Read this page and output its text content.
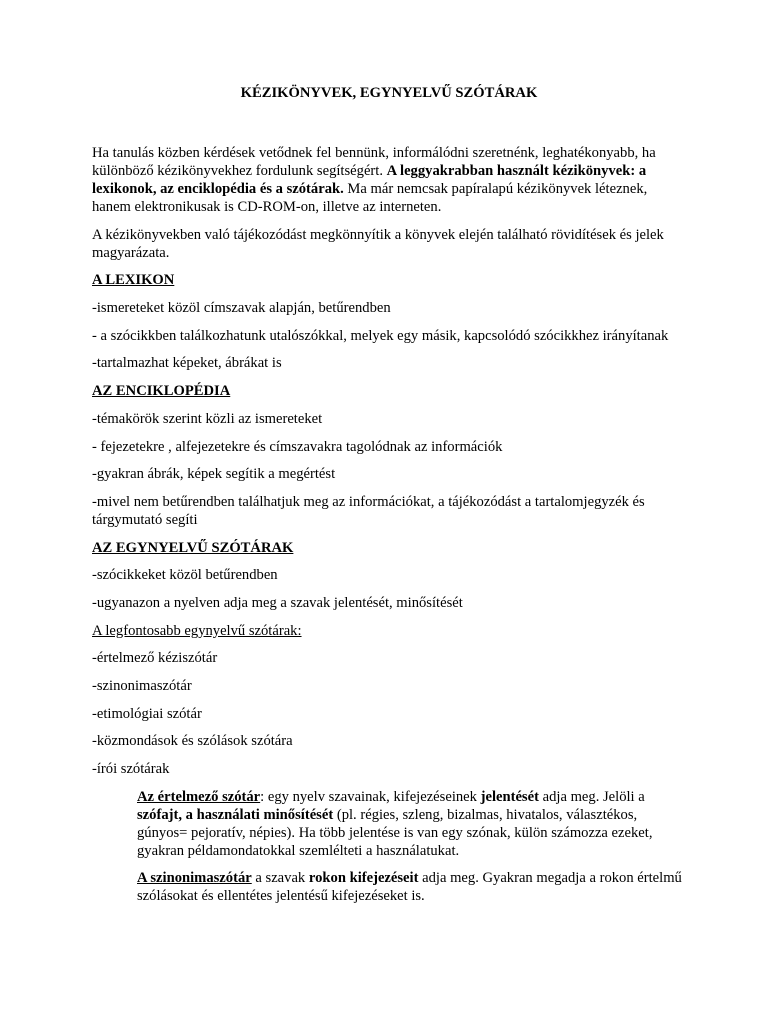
KÉZIKÖNYVEK, EGYNYELVŰ SZÓTÁRAK

Ha tanulás közben kérdések vetődnek fel bennünk, informálódni szeretnénk, leghatékonyabb, ha különböző kézikönyvekhez fordulunk segítségért. A leggyakrabban használt kézikönyvek: a lexikonok, az enciklopédia és a szótárak. Ma már nemcsak papíralapú kézikönyvek léteznek, hanem elektronikusak is CD-ROM-on, illetve az interneten.

A kézikönyvekben való tájékozódást megkönnyítik a könyvek elején található rövidítések és jelek magyarázata.

A LEXIKON

-ismereteket közöl címszavak alapján, betűrendben

- a szócikkben találkozhatunk utalószókkal, melyek egy másik, kapcsolódó szócikkhez irányítanak

-tartalmazhat képeket, ábrákat is

AZ ENCIKLOPÉDIA

-témakörök szerint közli az ismereteket

- fejezetekre , alfejezetekre és címszavakra tagolódnak az információk

-gyakran ábrák, képek segítik a megértést

-mivel nem betűrendben találhatjuk meg az információkat, a tájékozódást a tartalomjegyzék és tárgymutató segíti

AZ EGYNYELVŰ SZÓTÁRAK

-szócikkeket közöl betűrendben

-ugyanazon a nyelven adja meg a szavak jelentését, minősítését

A legfontosabb egynyelvű szótárak:

-értelmező kéziszótár

-szinonimaszótár

-etimológiai szótár

-közmondások és szólások szótára

-írói szótárak

Az értelmező szótár: egy nyelv szavainak, kifejezéseinek jelentését adja meg. Jelöli a szófajt, a használati minősítését (pl. régies, szleng, bizalmas, hivatalos, választékos, gúnyos= pejoratív, népies). Ha több jelentése is van egy szónak, külön számozza ezeket, gyakran példamondatokkal szemlélteti a használatukat.

A szinonimaszótár a szavak rokon kifejezéseit adja meg. Gyakran megadja a rokon értelmű szólásokat és ellentétes jelentésű kifejezéseket is.
